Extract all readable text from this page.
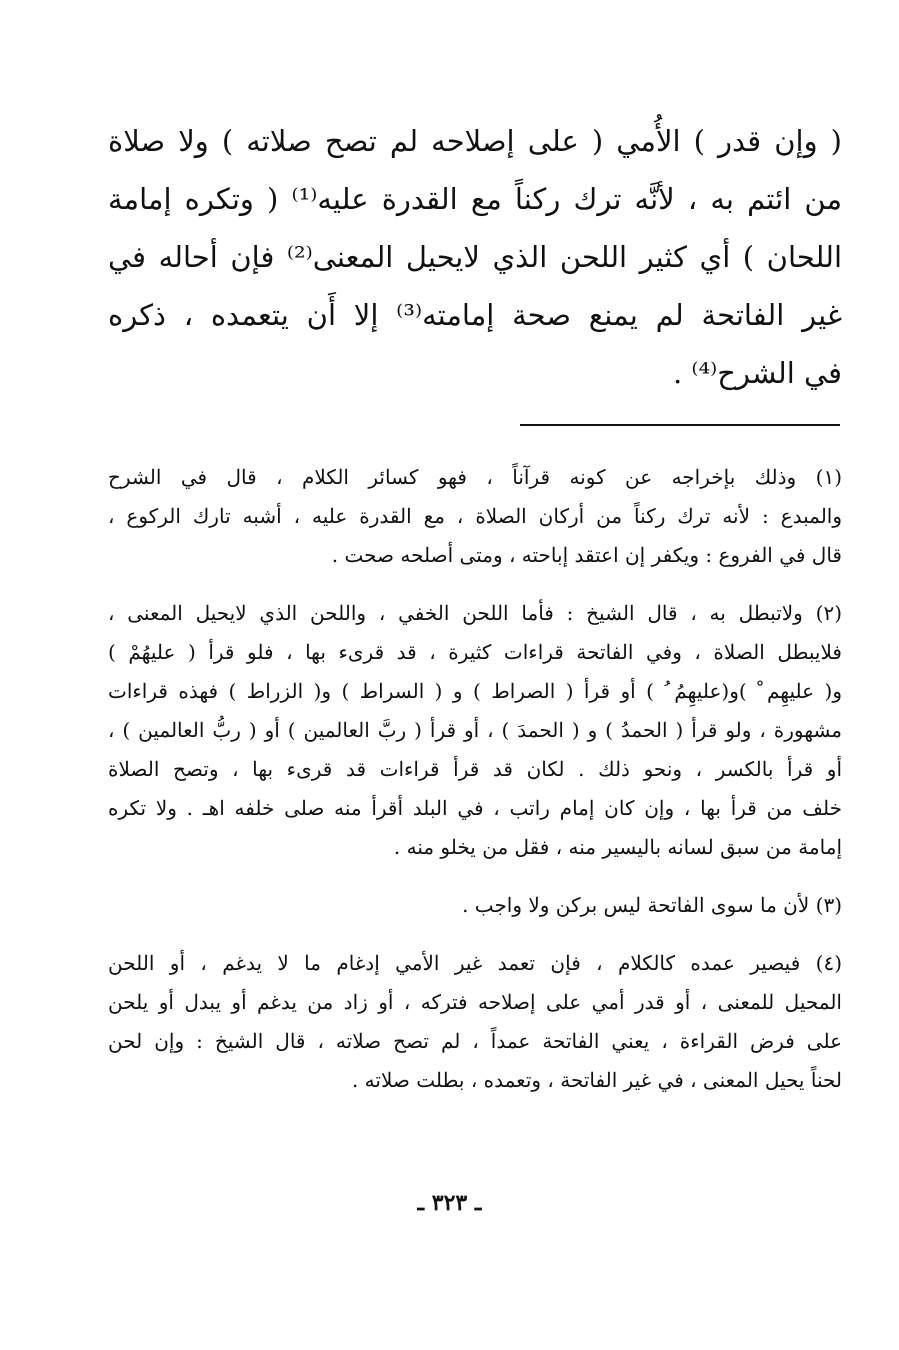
( وإن قدر ) الأُمي ( على إصلاحه لم تصح صلاته ) ولا صلاة
من ائتم به ، لأنَّه ترك ركناً مع القدرة عليه⁽¹⁾ ( وتكره إمامة
اللحان ) أي كثير اللحن الذي لايحيل المعنى⁽²⁾ فإن أحاله في
غير الفاتحة لم يمنع صحة إمامته⁽³⁾ إلا أَن يتعمده ، ذكره
في الشرح⁽⁴⁾ .
(١) وذلك بإخراجه عن كونه قرآناً ، فهو كسائر الكلام ، قال في الشرح
والمبدع : لأنه ترك ركناً من أركان الصلاة ، مع القدرة عليه ، أشبه تارك الركوع ،
قال في الفروع : ويكفر إن اعتقد إباحته ، ومتى أصلحه صحت .
(٢) ولاتبطل به ، قال الشيخ : فأما اللحن الخفي ، واللحن الذي لايحيل المعنى ،
فلايبطل الصلاة ، وفي الفاتحة قراءات كثيرة ، قد قرىء بها ، فلو قرأ ( عليهُمْ )
و( عليهِم ْ )و(عليهِمُ ُ ) أو قرأ ( الصراط ) و ( السراط ) و( الزراط ) فهذه قراءات
مشهورة ، ولو قرأ ( الحمدُ ) و ( الحمدَ ) ، أو قرأ ( ربَّ العالمين ) أو ( ربُّ العالمين ) ،
أو قرأ بالكسر ، ونحو ذلك . لكان قد قرأ قراءات قد قرىء بها ، وتصح الصلاة
خلف من قرأ بها ، وإن كان إمام راتب ، في البلد أقرأ منه صلى خلفه اهـ . ولا تكره
إمامة من سبق لسانه باليسير منه ، فقل من يخلو منه .
(٣) لأن ما سوى الفاتحة ليس بركن ولا واجب .
(٤) فيصير عمده كالكلام ، فإن تعمد غير الأمي إدغام ما لا يدغم ، أو اللحن
المحيل للمعنى ، أو قدر أمي على إصلاحه فتركه ، أو زاد من يدغم أو يبدل أو يلحن
على فرض القراءة ، يعني الفاتحة عمداً ، لم تصح صلاته ، قال الشيخ : وإن لحن
لحناً يحيل المعنى ، في غير الفاتحة ، وتعمده ، بطلت صلاته .
ـ ٣٢٣ ـ
